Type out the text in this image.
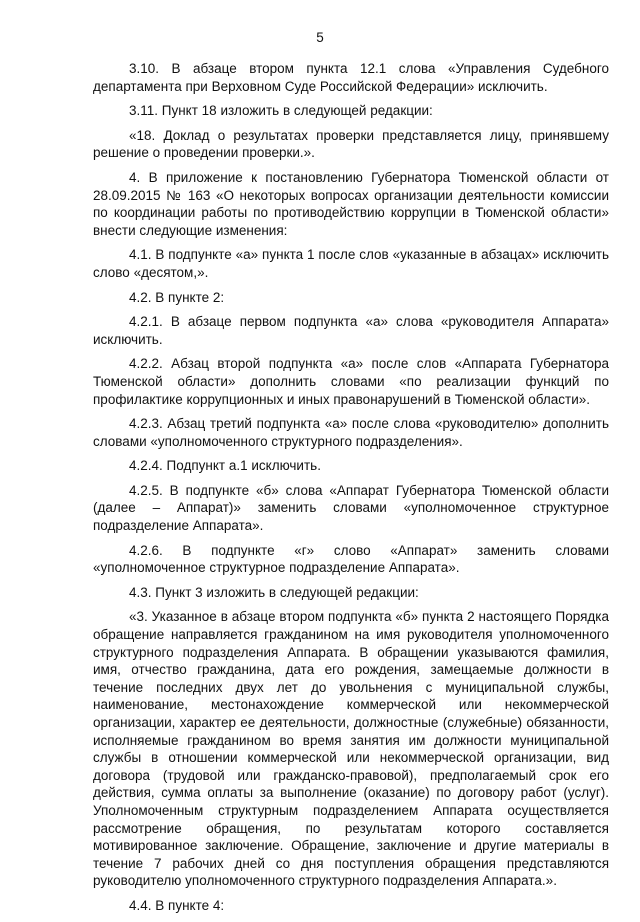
5

3.10. В абзаце втором пункта 12.1 слова «Управления Судебного департамента при Верховном Суде Российской Федерации» исключить.

3.11. Пункт 18 изложить в следующей редакции:

«18. Доклад о результатах проверки представляется лицу, принявшему решение о проведении проверки.».

4. В приложение к постановлению Губернатора Тюменской области от 28.09.2015 № 163 «О некоторых вопросах организации деятельности комиссии по координации работы по противодействию коррупции в Тюменской области» внести следующие изменения:

4.1. В подпункте «а» пункта 1 после слов «указанные в абзацах» исключить слово «десятом,».

4.2. В пункте 2:

4.2.1. В абзаце первом подпункта «а» слова «руководителя Аппарата» исключить.

4.2.2. Абзац второй подпункта «а» после слов «Аппарата Губернатора Тюменской области» дополнить словами «по реализации функций по профилактике коррупционных и иных правонарушений в Тюменской области».

4.2.3. Абзац третий подпункта «а» после слова «руководителю» дополнить словами «уполномоченного структурного подразделения».

4.2.4. Подпункт а.1 исключить.

4.2.5. В подпункте «б» слова «Аппарат Губернатора Тюменской области (далее – Аппарат)» заменить словами «уполномоченное структурное подразделение Аппарата».

4.2.6. В подпункте «г» слово «Аппарат» заменить словами «уполномоченное структурное подразделение Аппарата».

4.3. Пункт 3 изложить в следующей редакции:

«3. Указанное в абзаце втором подпункта «б» пункта 2 настоящего Порядка обращение направляется гражданином на имя руководителя уполномоченного структурного подразделения Аппарата. В обращении указываются фамилия, имя, отчество гражданина, дата его рождения, замещаемые должности в течение последних двух лет до увольнения с муниципальной службы, наименование, местонахождение коммерческой или некоммерческой организации, характер ее деятельности, должностные (служебные) обязанности, исполняемые гражданином во время занятия им должности муниципальной службы в отношении коммерческой или некоммерческой организации, вид договора (трудовой или гражданско-правовой), предполагаемый срок его действия, сумма оплаты за выполнение (оказание) по договору работ (услуг). Уполномоченным структурным подразделением Аппарата осуществляется рассмотрение обращения, по результатам которого составляется мотивированное заключение. Обращение, заключение и другие материалы в течение 7 рабочих дней со дня поступления обращения представляются руководителю уполномоченного структурного подразделения Аппарата.».

4.4. В пункте 4:
